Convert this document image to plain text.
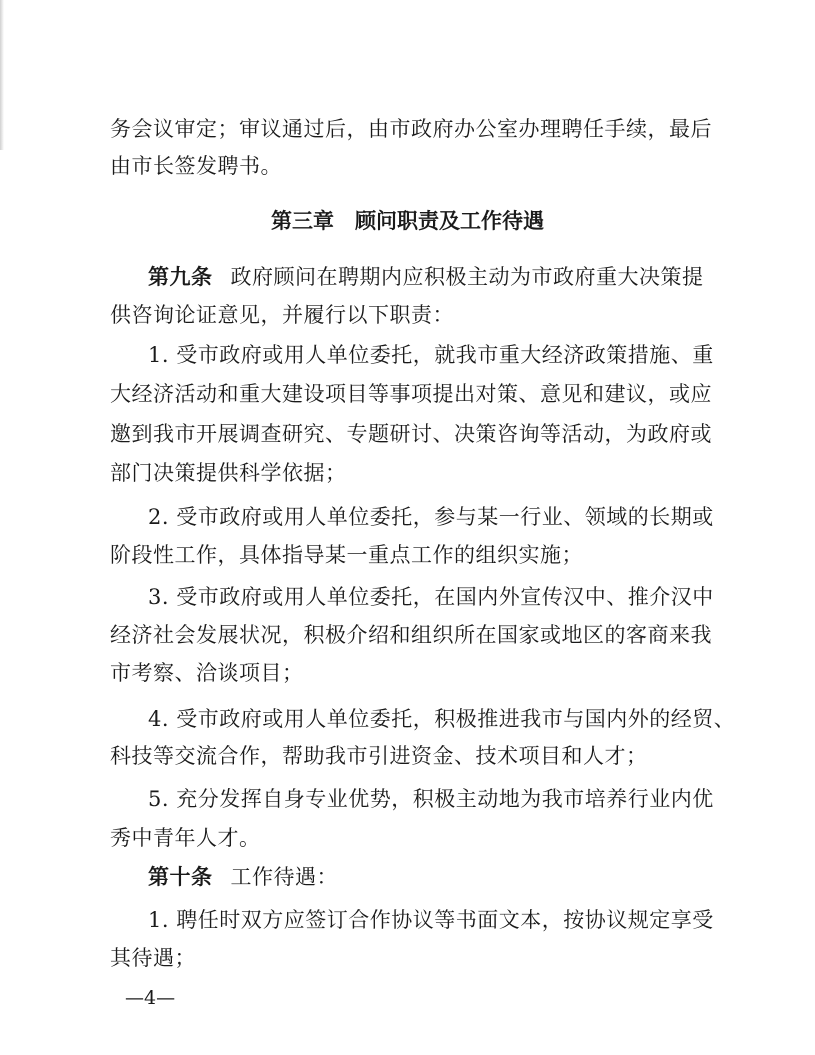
务会议审定；审议通过后，由市政府办公室办理聘任手续，最后
由市长签发聘书。
第三章　顾问职责及工作待遇
第九条 政府顾问在聘期内应积极主动为市政府重大决策提
供咨询论证意见，并履行以下职责：
1. 受市政府或用人单位委托，就我市重大经济政策措施、重
大经济活动和重大建设项目等事项提出对策、意见和建议，或应
邀到我市开展调查研究、专题研讨、决策咨询等活动，为政府或
部门决策提供科学依据；
2. 受市政府或用人单位委托，参与某一行业、领域的长期或
阶段性工作，具体指导某一重点工作的组织实施；
3. 受市政府或用人单位委托，在国内外宣传汉中、推介汉中
经济社会发展状况，积极介绍和组织所在国家或地区的客商来我
市考察、洽谈项目；
4. 受市政府或用人单位委托，积极推进我市与国内外的经贸、
科技等交流合作，帮助我市引进资金、技术项目和人才；
5. 充分发挥自身专业优势，积极主动地为我市培养行业内优
秀中青年人才。
第十条 工作待遇：
1. 聘任时双方应签订合作协议等书面文本，按协议规定享受
其待遇；
—4—
